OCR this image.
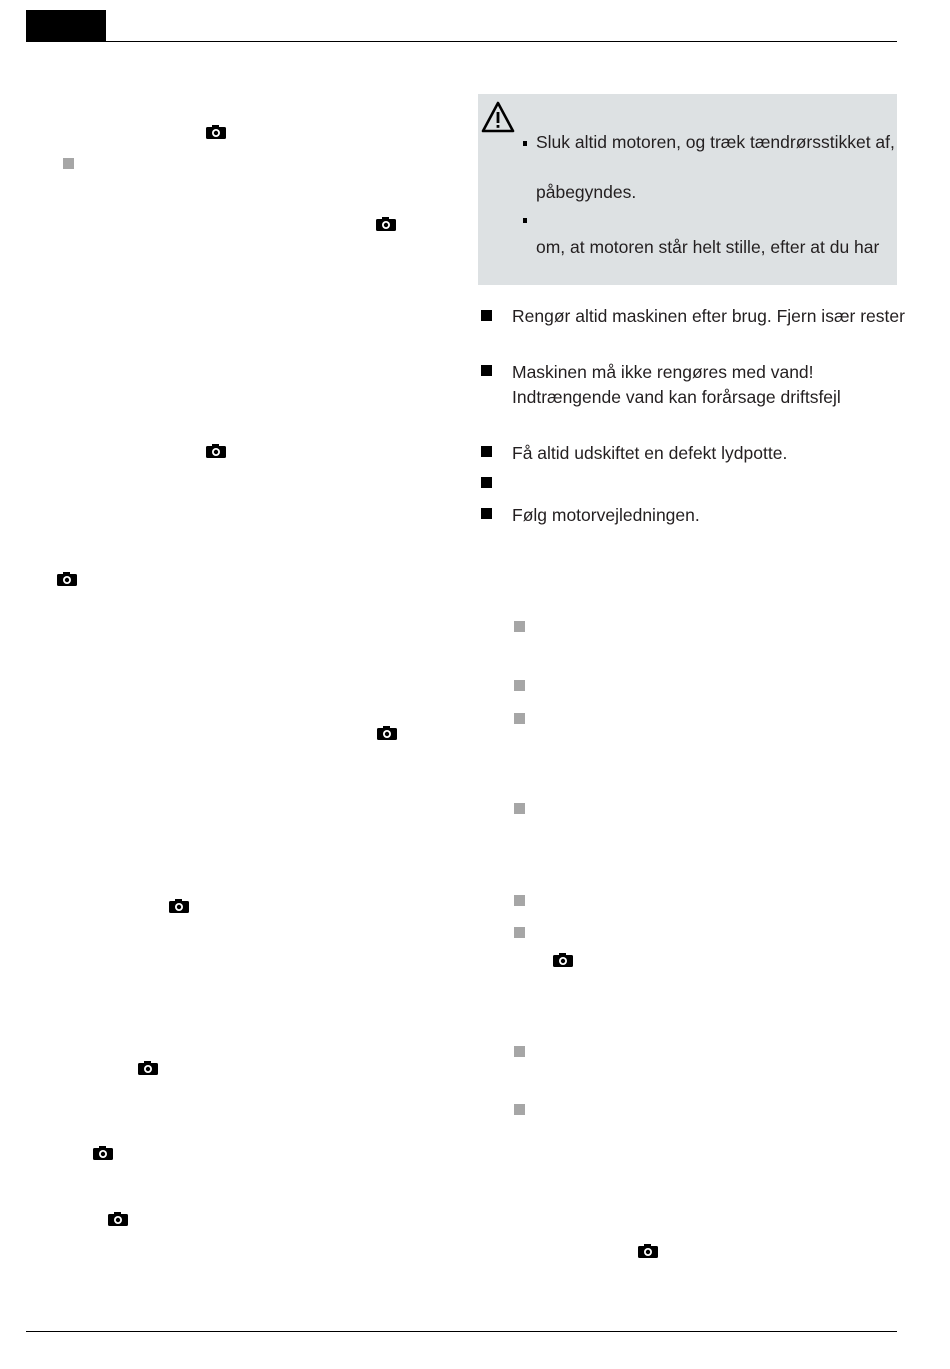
Sluk altid motoren, og træk tændrørsstikket af,
påbegyndes.
om, at motoren står helt stille, efter at du har
Rengør altid maskinen efter brug. Fjern især rester
Maskinen må ikke rengøres med vand!
Indtrængende vand kan forårsage driftsfejl
Få altid udskiftet en defekt lydpotte.
Følg motorvejledningen.
